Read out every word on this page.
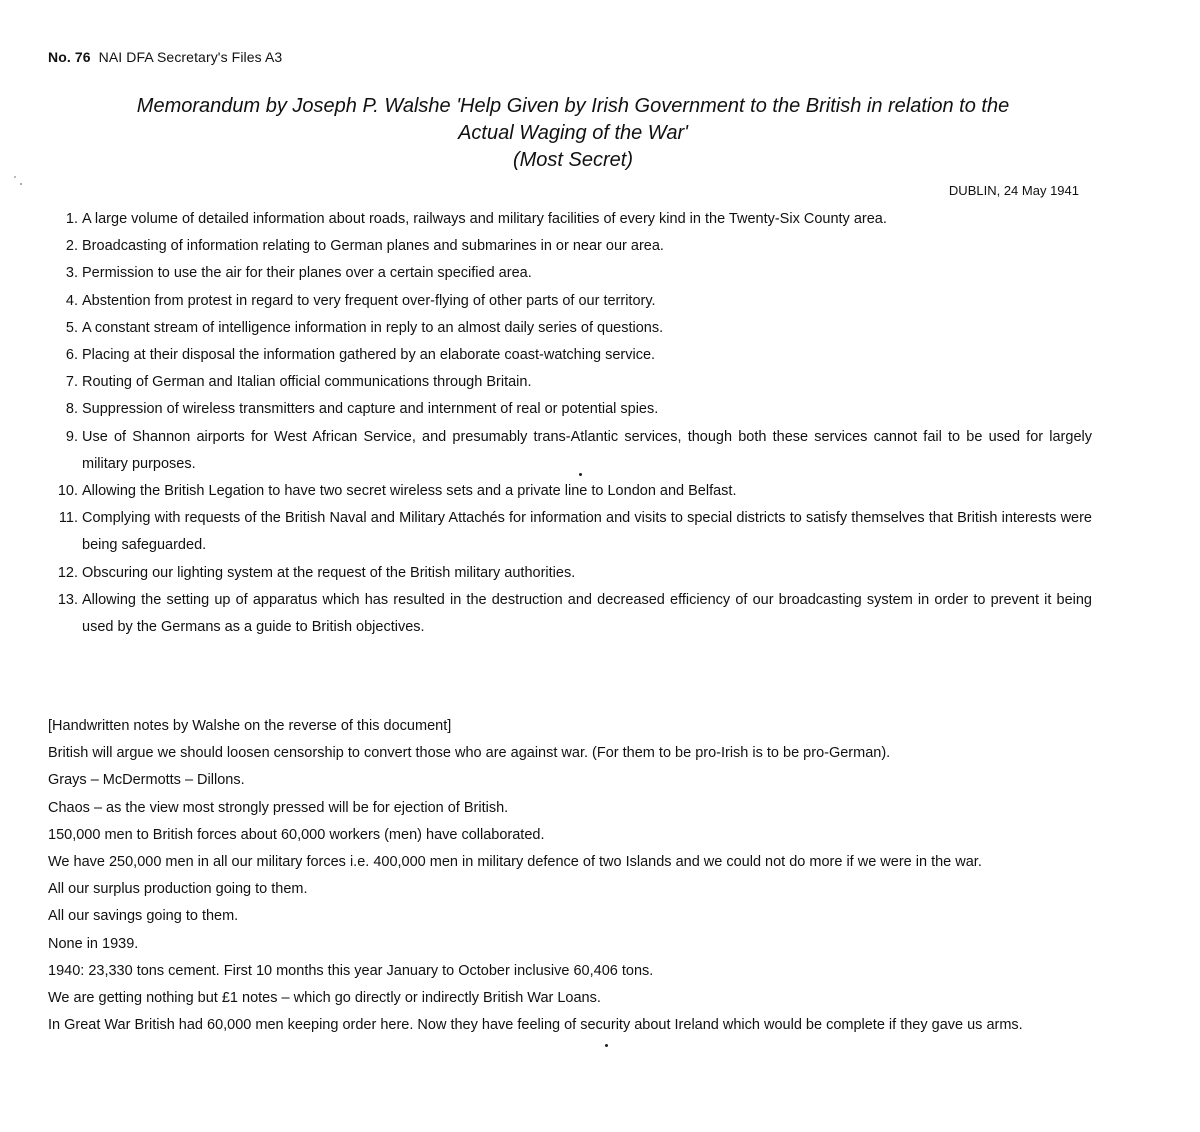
No. 76 NAI DFA Secretary's Files A3
Memorandum by Joseph P. Walshe 'Help Given by Irish Government to the British in relation to the
Actual Waging of the War'
(Most Secret)
DUBLIN, 24 May 1941
1. A large volume of detailed information about roads, railways and military facilities of every kind in the Twenty-Six County area.
2. Broadcasting of information relating to German planes and submarines in or near our area.
3. Permission to use the air for their planes over a certain specified area.
4. Abstention from protest in regard to very frequent over-flying of other parts of our territory.
5. A constant stream of intelligence information in reply to an almost daily series of questions.
6. Placing at their disposal the information gathered by an elaborate coast-watching service.
7. Routing of German and Italian official communications through Britain.
8. Suppression of wireless transmitters and capture and internment of real or potential spies.
9. Use of Shannon airports for West African Service, and presumably trans-Atlantic services, though both these services cannot fail to be used for largely military purposes.
10. Allowing the British Legation to have two secret wireless sets and a private line to London and Belfast.
11. Complying with requests of the British Naval and Military Attachés for information and visits to special districts to satisfy themselves that British interests were being safeguarded.
12. Obscuring our lighting system at the request of the British military authorities.
13. Allowing the setting up of apparatus which has resulted in the destruction and decreased efficiency of our broadcasting system in order to prevent it being used by the Germans as a guide to British objectives.

[Handwritten notes by Walshe on the reverse of this document]

British will argue we should loosen censorship to convert those who are against war. (For them to be pro-Irish is to be pro-German).

Grays – McDermotts – Dillons.

Chaos – as the view most strongly pressed will be for ejection of British.

150,000 men to British forces about 60,000 workers (men) have collaborated.

We have 250,000 men in all our military forces i.e. 400,000 men in military defence of two Islands and we could not do more if we were in the war.

All our surplus production going to them.

All our savings going to them.

None in 1939.

1940: 23,330 tons cement. First 10 months this year January to October inclusive 60,406 tons.

We are getting nothing but £1 notes – which go directly or indirectly British War Loans.

In Great War British had 60,000 men keeping order here. Now they have feeling of security about Ireland which would be complete if they gave us arms.
